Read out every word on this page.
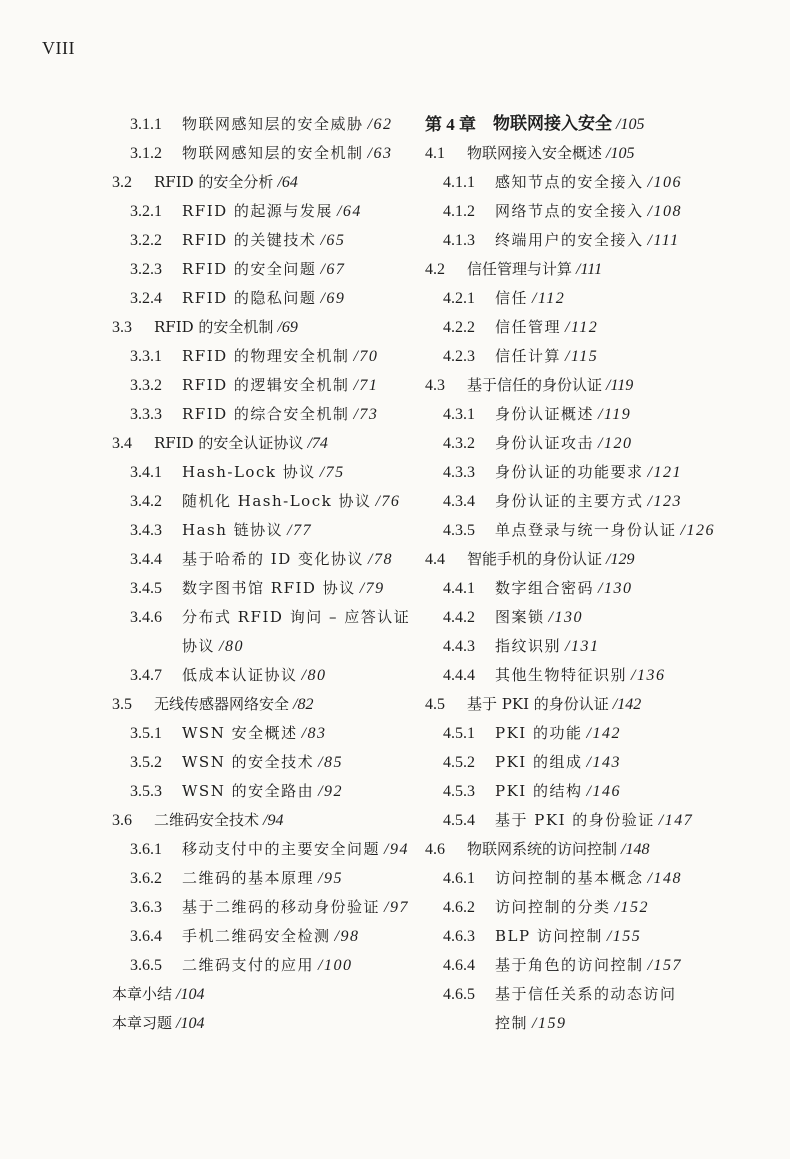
VIII
3.1.1 物联网感知层的安全威胁 /62
3.1.2 物联网感知层的安全机制 /63
3.2 RFID 的安全分析 /64
3.2.1 RFID 的起源与发展 /64
3.2.2 RFID 的关键技术 /65
3.2.3 RFID 的安全问题 /67
3.2.4 RFID 的隐私问题 /69
3.3 RFID 的安全机制 /69
3.3.1 RFID 的物理安全机制 /70
3.3.2 RFID 的逻辑安全机制 /71
3.3.3 RFID 的综合安全机制 /73
3.4 RFID 的安全认证协议 /74
3.4.1 Hash-Lock 协议 /75
3.4.2 随机化 Hash-Lock 协议 /76
3.4.3 Hash 链协议 /77
3.4.4 基于哈希的 ID 变化协议 /78
3.4.5 数字图书馆 RFID 协议 /79
3.4.6 分布式 RFID 询问 – 应答认证
协议 /80
3.4.7 低成本认证协议 /80
3.5 无线传感器网络安全 /82
3.5.1 WSN 安全概述 /83
3.5.2 WSN 的安全技术 /85
3.5.3 WSN 的安全路由 /92
3.6 二维码安全技术 /94
3.6.1 移动支付中的主要安全问题 /94
3.6.2 二维码的基本原理 /95
3.6.3 基于二维码的移动身份验证 /97
3.6.4 手机二维码安全检测 /98
3.6.5 二维码支付的应用 /100
本章小结 /104
本章习题 /104
第 4 章 物联网接入安全 /105
4.1 物联网接入安全概述 /105
4.1.1 感知节点的安全接入 /106
4.1.2 网络节点的安全接入 /108
4.1.3 终端用户的安全接入 /111
4.2 信任管理与计算 /111
4.2.1 信任 /112
4.2.2 信任管理 /112
4.2.3 信任计算 /115
4.3 基于信任的身份认证 /119
4.3.1 身份认证概述 /119
4.3.2 身份认证攻击 /120
4.3.3 身份认证的功能要求 /121
4.3.4 身份认证的主要方式 /123
4.3.5 单点登录与统一身份认证 /126
4.4 智能手机的身份认证 /129
4.4.1 数字组合密码 /130
4.4.2 图案锁 /130
4.4.3 指纹识别 /131
4.4.4 其他生物特征识别 /136
4.5 基于 PKI 的身份认证 /142
4.5.1 PKI 的功能 /142
4.5.2 PKI 的组成 /143
4.5.3 PKI 的结构 /146
4.5.4 基于 PKI 的身份验证 /147
4.6 物联网系统的访问控制 /148
4.6.1 访问控制的基本概念 /148
4.6.2 访问控制的分类 /152
4.6.3 BLP 访问控制 /155
4.6.4 基于角色的访问控制 /157
4.6.5 基于信任关系的动态访问
控制 /159
